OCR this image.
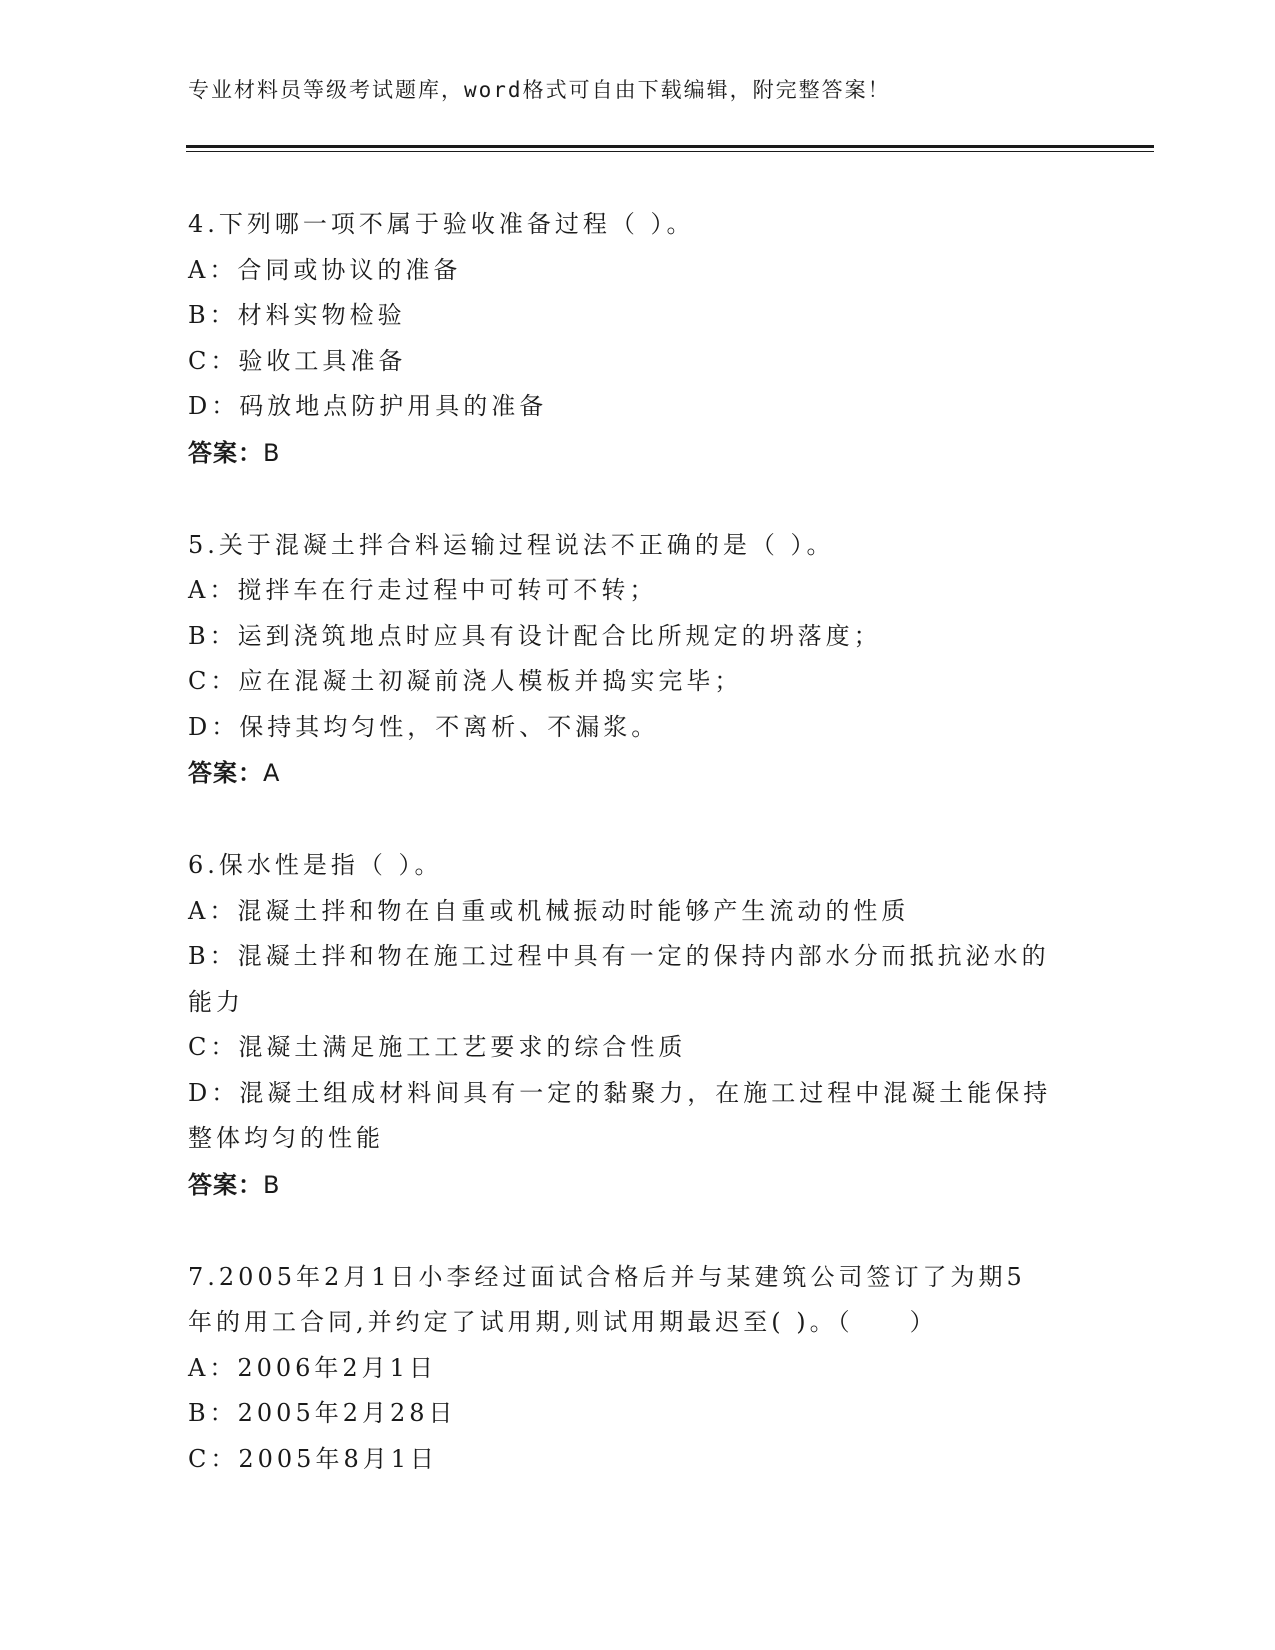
专业材料员等级考试题库，word格式可自由下载编辑，附完整答案！
4.下列哪一项不属于验收准备过程（ ）。
A：合同或协议的准备
B：材料实物检验
C：验收工具准备
D：码放地点防护用具的准备
答案：B
5.关于混凝土拌合料运输过程说法不正确的是（ ）。
A：搅拌车在行走过程中可转可不转；
B：运到浇筑地点时应具有设计配合比所规定的坍落度；
C：应在混凝土初凝前浇人模板并捣实完毕；
D：保持其均匀性，不离析、不漏浆。
答案：A
6.保水性是指（ ）。
A：混凝土拌和物在自重或机械振动时能够产生流动的性质
B：混凝土拌和物在施工过程中具有一定的保持内部水分而抵抗泌水的
能力
C：混凝土满足施工工艺要求的综合性质
D：混凝土组成材料间具有一定的黏聚力，在施工过程中混凝土能保持
整体均匀的性能
答案：B
7.2005年2月1日小李经过面试合格后并与某建筑公司签订了为期5
年的用工合同,并约定了试用期,则试用期最迟至( )。（　　）
A：2006年2月1日
B：2005年2月28日
C：2005年8月1日
